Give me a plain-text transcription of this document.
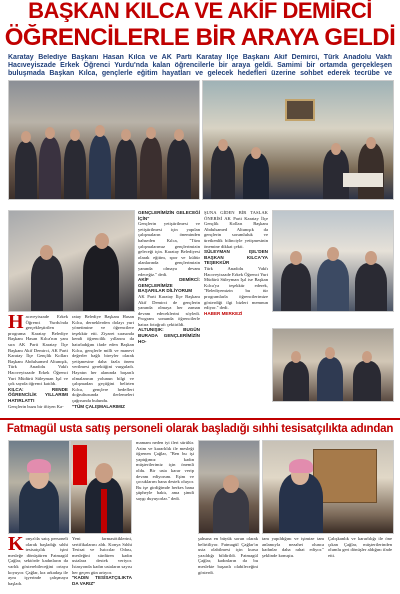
BAŞKAN KILCA VE AKİF DEMİRCİ
ÖĞRENCİLERLE BİR ARAYA GELDİ
Karatay Belediye Başkanı Hasan Kılca ve AK Parti Karatay İlçe Başkanı Akif Demirci, Türk Anadolu Vakfı Hacıveyiszade Erkek Öğrenci Yurdu'nda kalan öğrencilerle bir araya geldi. Samimi bir ortamda gerçekleşen buluşmada Başkan Kılca, gençlerle eğitim hayatları ve gelecek hedefleri üzerine sohbet ederek tecrübe ve
Hacıveyiszade Erkek Öğrenci Yurdu'nda gerçekleştirilen programa Karatay Belediye Başkanı Hasan Kılca'nın yanı sıra AK Parti Karatay İlçe Başkanı Akif Demirci, AK Parti Karatay İlçe Gençlik Kolları Başkanı Abdulsamed Altunışık, Türk Anadolu Vakfı Hacıveyiszade Erkek Öğrenci Yurt Müdürü Süleyman Işıl ve çok sayıda öğrenci katıldı.
KILCA: RENDE ÖĞRENCİLİK YILLARIMI HATIRLATTI
Gençlerin buzu bir iftiyen Ka-
ratay Belediye Başkanı Hasan Kılca, derneklerden dolayı yurt yönetimine ve öğrencilere teşekkür etti. Ziyaret sırasında kendi öğrencilik yıllarını da hatırladığını ifade eden Başkan Kılca, gençlerle milli ve manevi değerler bağlı bireyler olarak yetişmesine daha fazla önem verilmesi gerektiğini vurguladı. Hayatın her alanında başarılı olmalarının yolunun bilgi ve çalışmadan geçtiğini belirten Kılca, gençlere hedefleri doğrultusunda ilerlemeleri çağrısında bulundu.
"TÜM ÇALIŞMALARIMIZ
GENÇLERİMİZİN GELECEĞİ İÇİN"
Gençlerin yetiştirilmesi ve yetiştirilmesi için yapılan çalışmaların öneminden bahseden Kılca, "Tüm çalışmalarımız gençlerimizin geleceği için. Karatay Belediyesi olarak eğitim, spor ve kültür alanlarında gençlerimizin yanında olmaya devam edeceğiz." dedi.
AKİF DEMİRCİ: GENÇLERİMİZE BAŞARILAR DİLİYORUM
AK Parti Karatay İlçe Başkanı Akif Demirci de gençlerin yanında olmaya her zaman devam edeceklerini söyledi. Program sonunda öğrencilerle hatıra fotoğrafı çektirildi.
ALTUNIŞIK: BUGÜN BURADA GENÇLERİMİZİN HO-
ŞUNA GİDEN BİR TASLAK ÖNERİSİ AK Parti Karatay İlçe Gençlik Kolları Başkanı Abdulsamed Altunışık da gençlerin sorumluluk ve üretkenlik bilinciyle yetişmesinin önemine dikkat çekti.
SÜLEYMAN IŞIL'DEN BAŞKAN KILCA'YA TEŞEKKÜR
Türk Anadolu Vakfı Hacıveyiszade Erkek Öğrenci Yurt Müdürü Süleyman Işıl ise Başkan Kılca'ya teşekkür ederek, "Belediyemizin bu tür programlarla öğrencilerimize gösterdiği ilgi bizleri memnun ediyor." dedi.
HABER MERKEZİ
Fatmagül usta satış personeli olarak başladığı sıhhi tesisatçılıkta adından
Konya'da satış personeli olarak başladığı sıhhi tesisatçılık işini mesleğe dönüştüren Fatmagül Çağlar, sektörde kadınların da varlık gösterebileceğini ortaya koyuyor. Çağlar, kız arkadaşı ile aynı işyerinde çalışmaya başladı.
Yeni farmasötiklerini, sertifikalarını aldı. Konya Sıhhi Tesisat ve Isıtıcılar Odası, mesleğini sürdüren kadın ustalara destek veriyor. İstasyonda kadın ustaların sayısı her geçen gün artıyor.
"KADIN TESİSATÇILIKTA DA VARIZ"
mamam neden iyi ileri sürülür. Azim ve kararlılık ile mesleği öğrenen Çağlar, "Ben bu işi yaptığımız kadın müşterilerimiz için önemli oldu. Bir usta karar verip devam ediyorum. Eşim ve çocuklarım bana destek oluyor. Bu işe girdiğimde herkes bana şüpheyle baktı, ama şimdi saygı duyuyorlar." dedi.
şahsına en büyük sorun olarak belirtiliyor. Fatmagül Çağlar'ın usta olabilmesi için kursa yazıldığı bildirildi. Fatmagül Çağlar, kadınların da bu meslekte başarılı olabileceğini gösterdi.
tam yapıldığını ve işimize tam anlamıyla nezahet olunca kadınlar daha rahat ediyor." şeklinde konuştu.
Çalışkanlık ve kararlılığı ile öne çıkan Çağlar, müşterilerinden olumlu geri dönüşler aldığını ifade etti.
